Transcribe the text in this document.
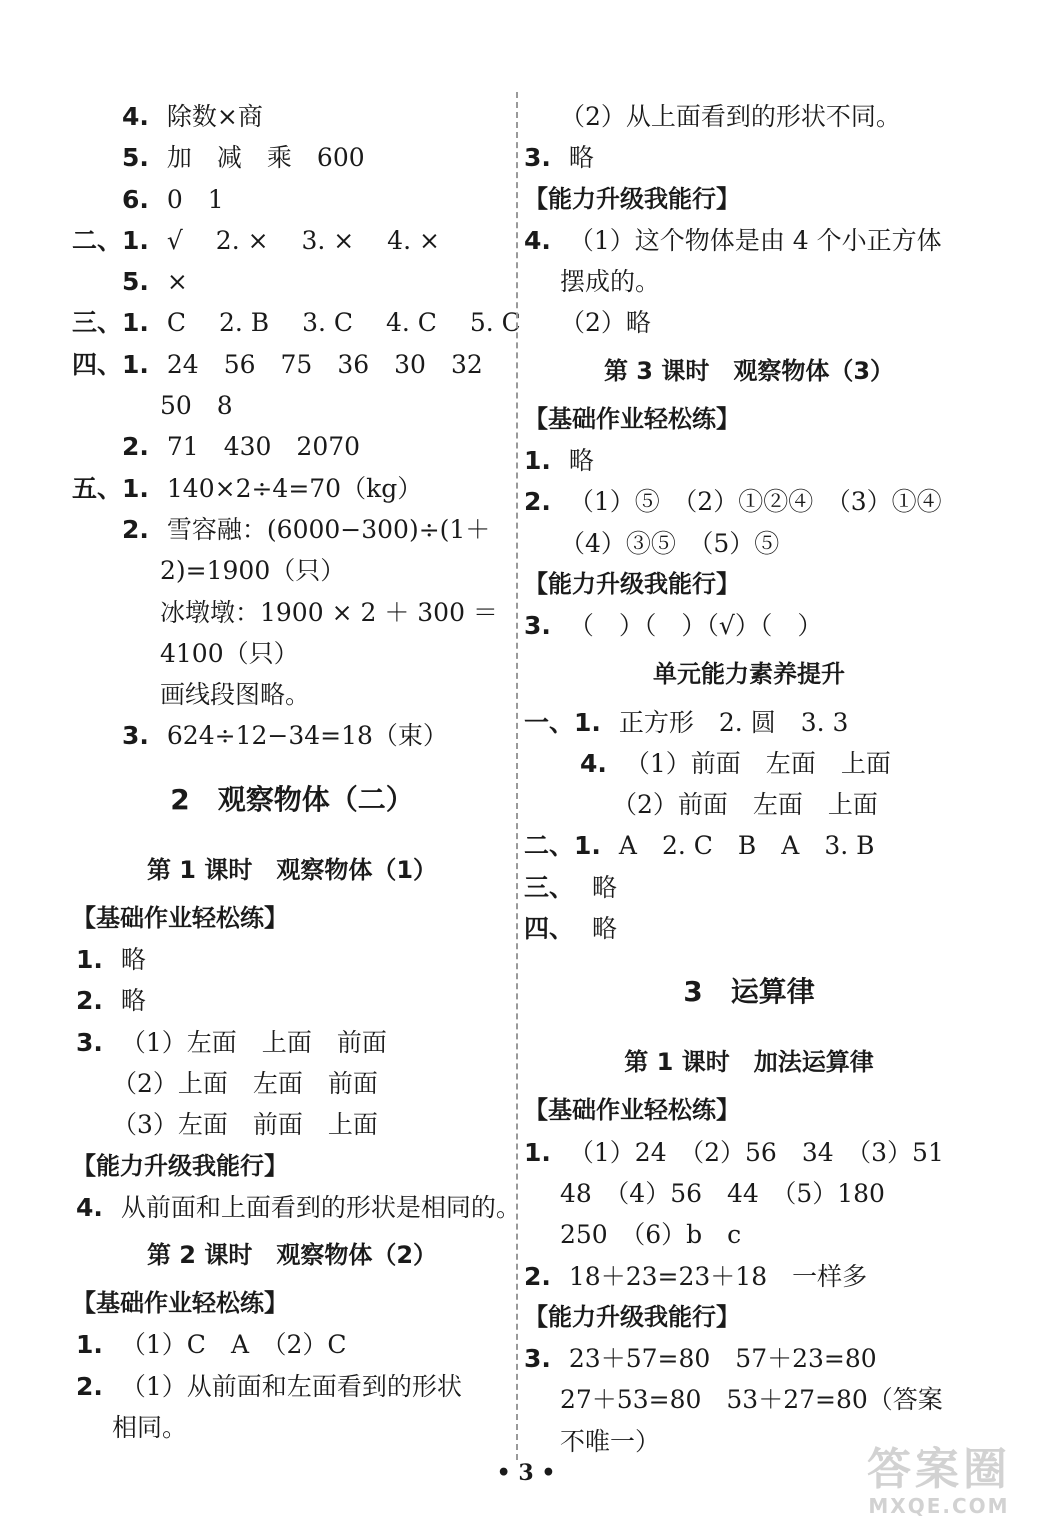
4. 除数×商
5. 加　减　乘　600
6. 0　1
二、1. √　 2. ×　 3. ×　 4. ×
5. ×
三、1. C　 2. B　 3. C　 4. C　 5. C
四、1. 24　56　75　36　30　32
50　8
2. 71　430　2070
五、1. 140×2÷4=70（kg）
2. 雪容融：(6000−300)÷(1＋
2)=1900（只）
冰墩墩：1900 × 2 ＋ 300 ＝
4100（只）
画线段图略。
3. 624÷12−34=18（束）
2　观察物体（二）
第 1 课时　观察物体（1）
【基础作业轻松练】
1. 略
2. 略
3. （1）左面　上面　前面
（2）上面　左面　前面
（3）左面　前面　上面
【能力升级我能行】
4. 从前面和上面看到的形状是相同的。
第 2 课时　观察物体（2）
【基础作业轻松练】
1. （1）C　A　（2）C
2. （1）从前面和左面看到的形状
相同。
（2）从上面看到的形状不同。
3. 略
【能力升级我能行】
4. （1）这个物体是由 4 个小正方体
摆成的。
（2）略
第 3 课时　观察物体（3）
【基础作业轻松练】
1. 略
2. （1）⑤　（2）①②④　（3）①④
（4）③⑤　（5）⑤
【能力升级我能行】
3. （　）（　）（√）（　）
单元能力素养提升
一、1. 正方形　2. 圆　3. 3
4. （1）前面　左面　上面
（2）前面　左面　上面
二、1. A　2. C　B　A　3. B
三、 略
四、 略
3　运算律
第 1 课时　加法运算律
【基础作业轻松练】
1. （1）24　（2）56　34　（3）51
48　（4）56　44　（5）180
250　（6）b　c
2. 18＋23=23＋18　一样多
【能力升级我能行】
3. 23＋57=80　57＋23=80
27＋53=80　53＋27=80（答案
不唯一）
• 3 •	答案圈
MXQE.COM
